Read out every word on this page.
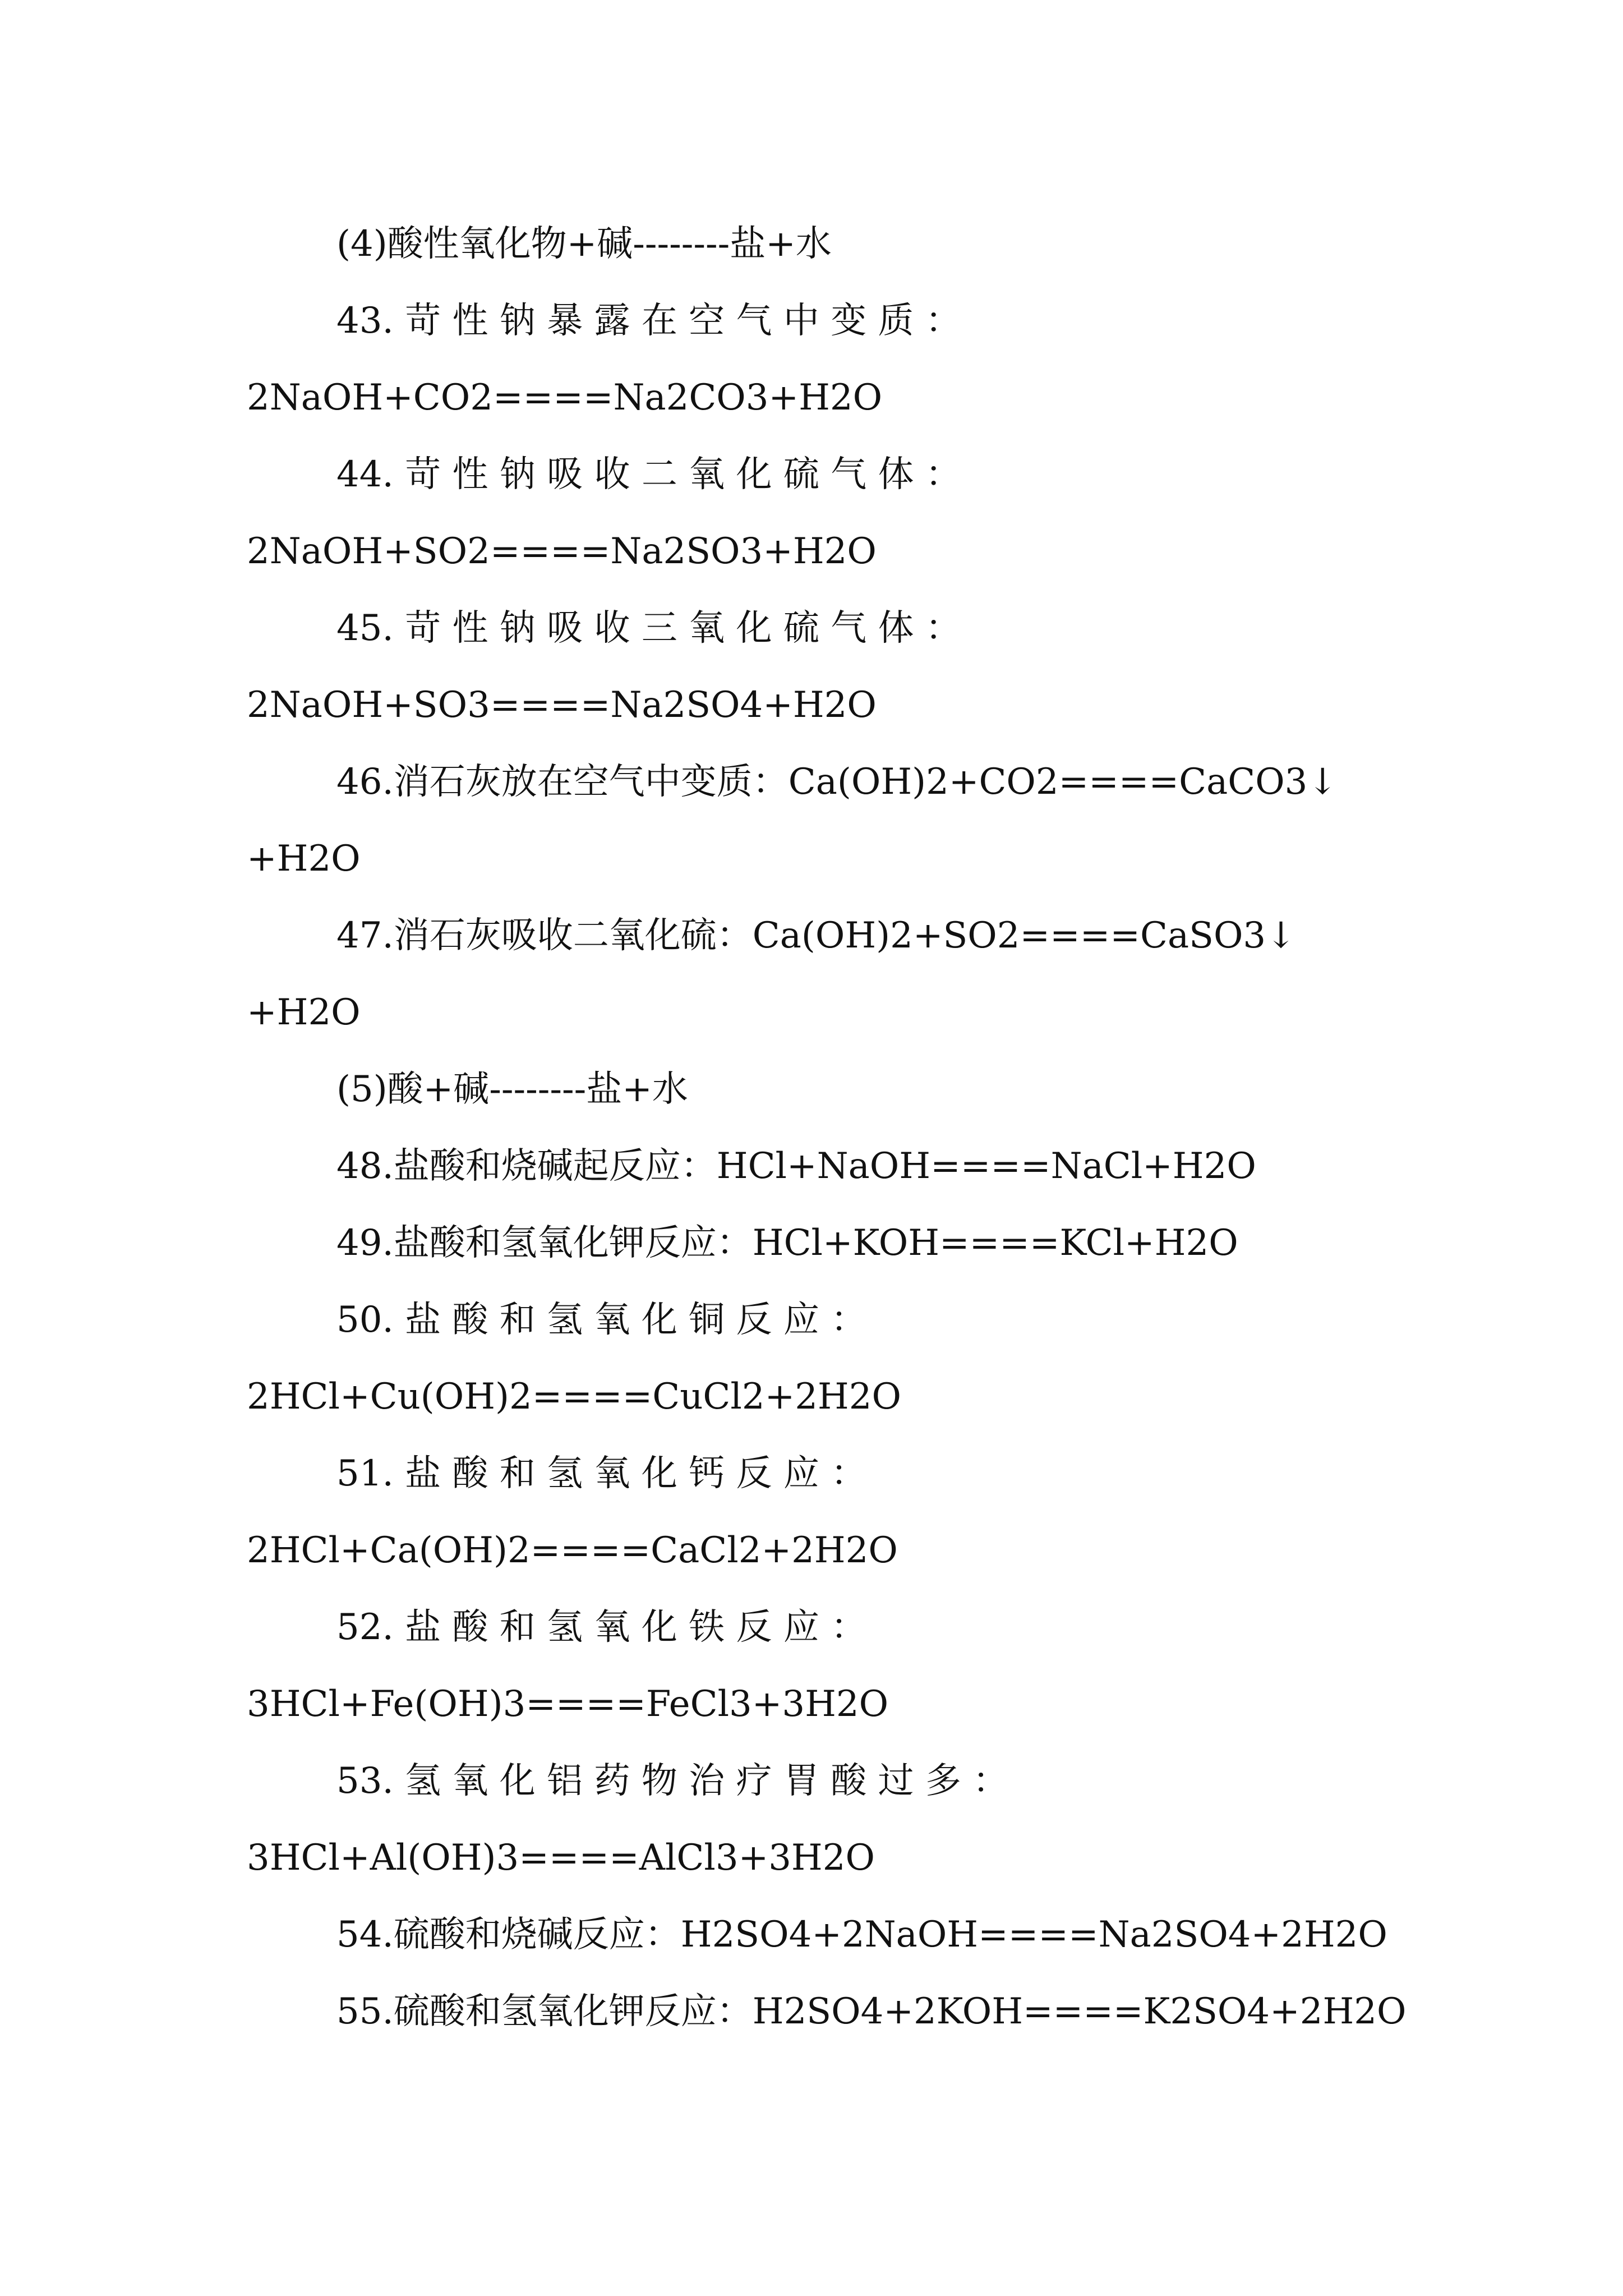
(4)酸性氧化物+碱--------盐+水
43. 苛 性 钠 暴 露 在 空 气 中 变 质 ：
2NaOH+CO2====Na2CO3+H2O
44. 苛 性 钠 吸 收 二 氧 化 硫 气 体 ：
2NaOH+SO2====Na2SO3+H2O
45. 苛 性 钠 吸 收 三 氧 化 硫 气 体 ：
2NaOH+SO3====Na2SO4+H2O
46.消石灰放在空气中变质：Ca(OH)2+CO2====CaCO3↓
+H2O
47.消石灰吸收二氧化硫：Ca(OH)2+SO2====CaSO3↓
+H2O
(5)酸+碱--------盐+水
48.盐酸和烧碱起反应：HCl+NaOH====NaCl+H2O
49.盐酸和氢氧化钾反应：HCl+KOH====KCl+H2O
50. 盐 酸 和 氢 氧 化 铜 反 应 ：
2HCl+Cu(OH)2====CuCl2+2H2O
51. 盐 酸 和 氢 氧 化 钙 反 应 ：
2HCl+Ca(OH)2====CaCl2+2H2O
52. 盐 酸 和 氢 氧 化 铁 反 应 ：
3HCl+Fe(OH)3====FeCl3+3H2O
53. 氢 氧 化 铝 药 物 治 疗 胃 酸 过 多 ：
3HCl+Al(OH)3====AlCl3+3H2O
54.硫酸和烧碱反应：H2SO4+2NaOH====Na2SO4+2H2O
55.硫酸和氢氧化钾反应：H2SO4+2KOH====K2SO4+2H2O
